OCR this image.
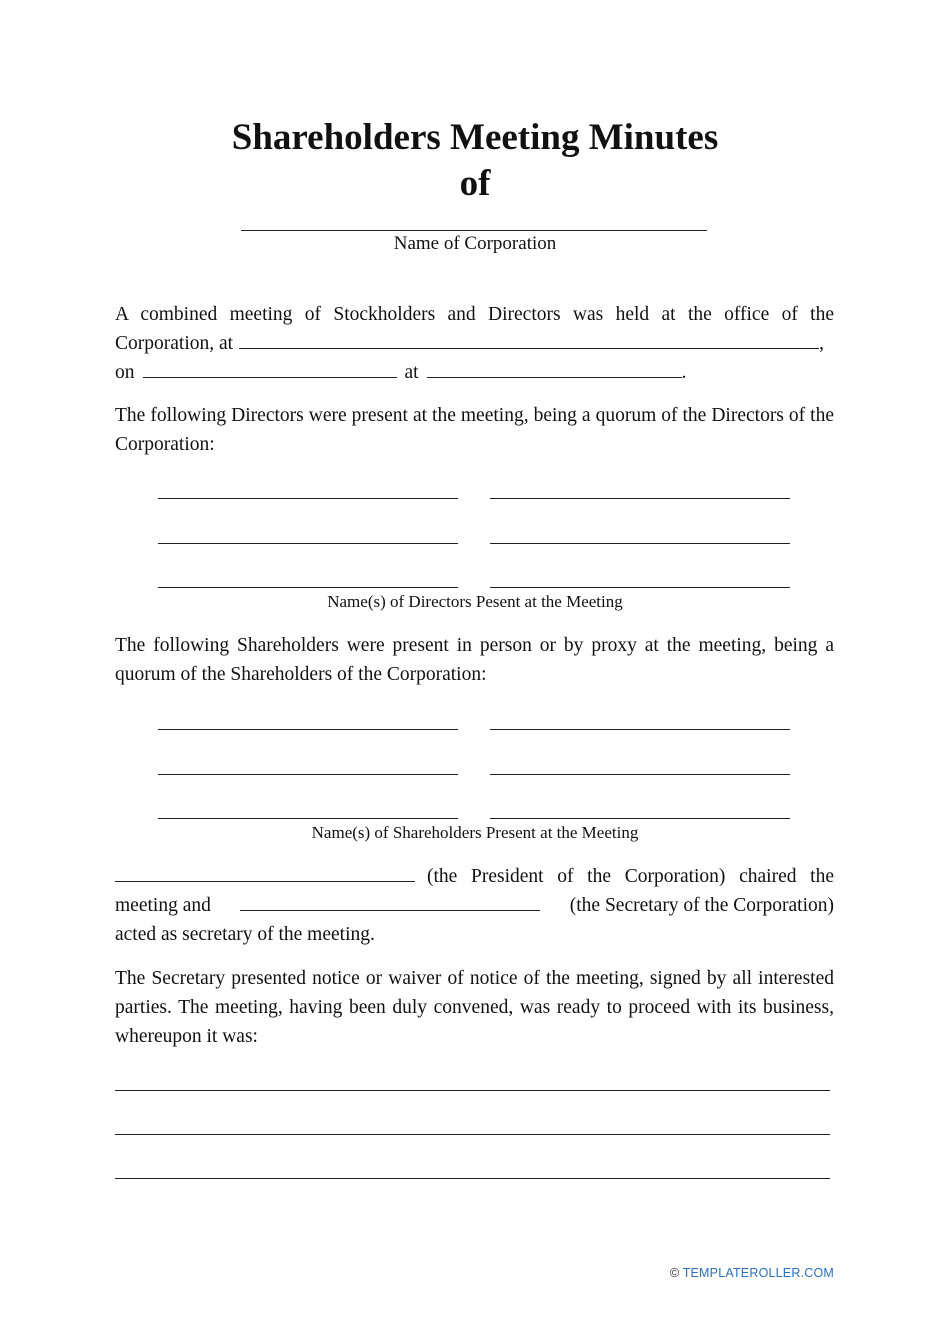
Shareholders Meeting Minutes
of
Name of Corporation
A combined meeting of Stockholders and Directors was held at the office of the
Corporation, at	,
on	at	.
The following Directors were present at the meeting, being a quorum of the Directors of the Corporation:
Name(s) of Directors Pesent at the Meeting
The following Shareholders were present in person or by proxy at the meeting, being a quorum of the Shareholders of the Corporation:
Name(s) of Shareholders Present at the Meeting
(the President of the Corporation) chaired the
meeting and	(the Secretary of the Corporation)
acted as secretary of the meeting.
The Secretary presented notice or waiver of notice of the meeting, signed by all interested parties. The meeting, having been duly convened, was ready to proceed with its business, whereupon it was:
© TEMPLATEROLLER.COM
